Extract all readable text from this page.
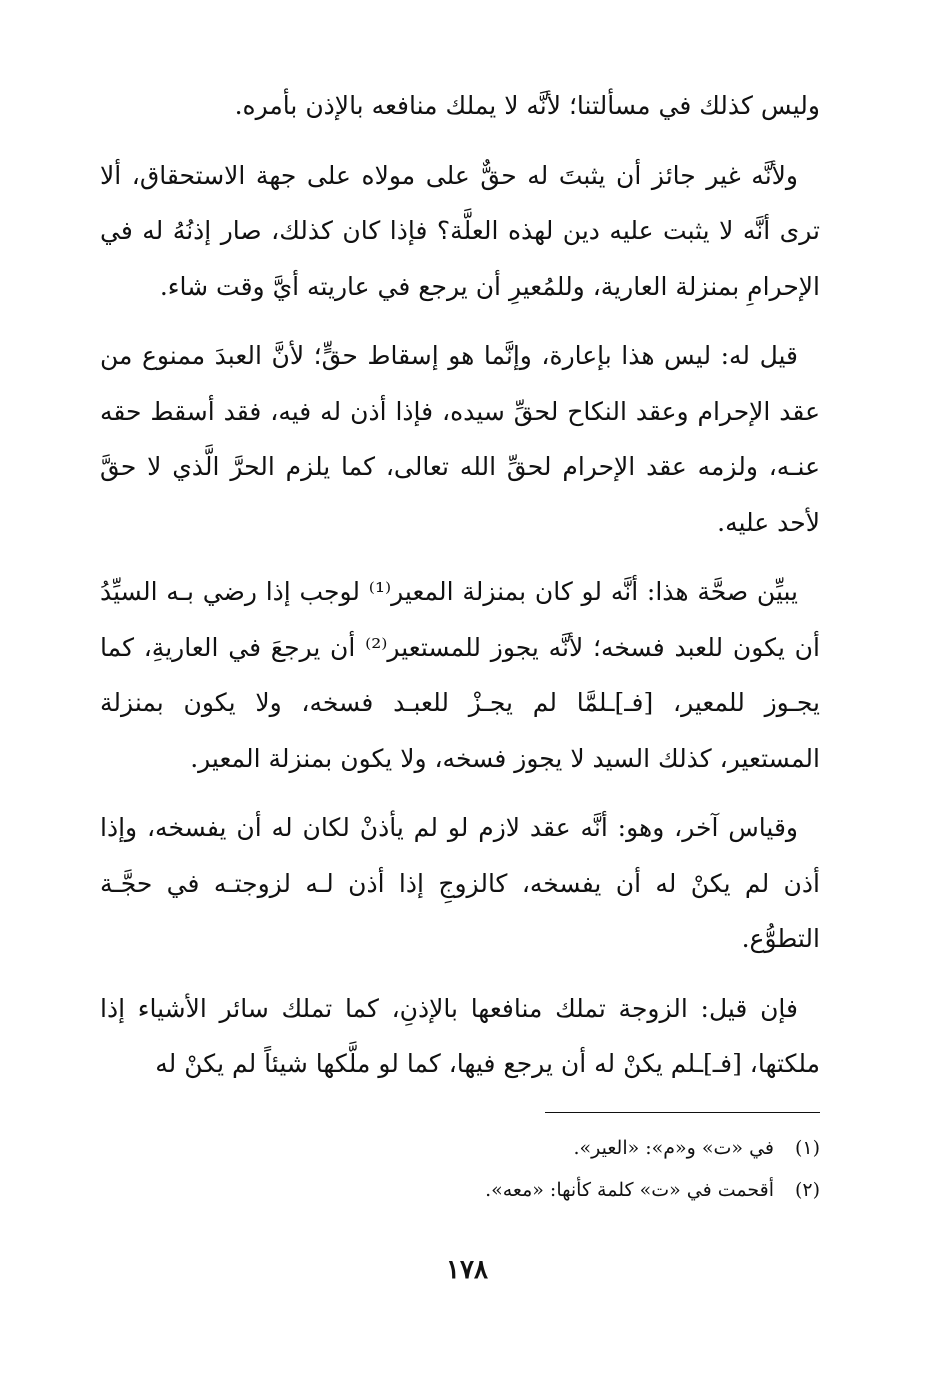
وليس كذلك في مسألتنا؛ لأنَّه لا يملك منافعه بالإذن بأمره.

ولأنَّه غير جائز أن يثبتَ له حقٌّ على مولاه على جهة الاستحقاق، ألا ترى أنَّه لا يثبت عليه دين لهذه العلَّة؟ فإذا كان كذلك، صار إذنُهُ له في الإحرامِ بمنزلة العارية، وللمُعيرِ أن يرجع في عاريته أيَّ وقت شاء.

قيل له: ليس هذا بإعارة، وإنَّما هو إسقاط حقٍّ؛ لأنَّ العبدَ ممنوع من عقد الإحرام وعقد النكاح لحقِّ سيده، فإذا أذن له فيه، فقد أسقط حقه عنـه، ولزمه عقد الإحرام لحقِّ الله تعالى، كما يلزم الحرَّ الَّذي لا حقَّ لأحد عليه.

يبيِّن صحَّة هذا: أنَّه لو كان بمنزلة المعير⁽¹⁾ لوجب إذا رضي بـه السيِّدُ أن يكون للعبد فسخه؛ لأنَّه يجوز للمستعير⁽²⁾ أن يرجعَ في العاريةِ، كما يجـوز للمعير، [فـ]ـلمَّا لم يجـزْ للعبـد فسخه، ولا يكون بمنزلة المستعير، كذلك السيد لا يجوز فسخه، ولا يكون بمنزلة المعير.

وقياس آخر، وهو: أنَّه عقد لازم لو لم يأذنْ لكان له أن يفسخه، وإذا أذن لم يكنْ له أن يفسخه، كالزوجِ إذا أذن لـه لزوجتـه في حجَّـة التطوُّع.

فإن قيل: الزوجة تملك منافعها بالإذنِ، كما تملك سائر الأشياء إذا ملكتها، [فـ]ـلم يكنْ له أن يرجع فيها، كما لو ملَّكها شيئاً لم يكنْ له

(١)في «ت» و«م»: «العير».
(٢)أقحمت في «ت» كلمة كأنها: «معه».
١٧٨
